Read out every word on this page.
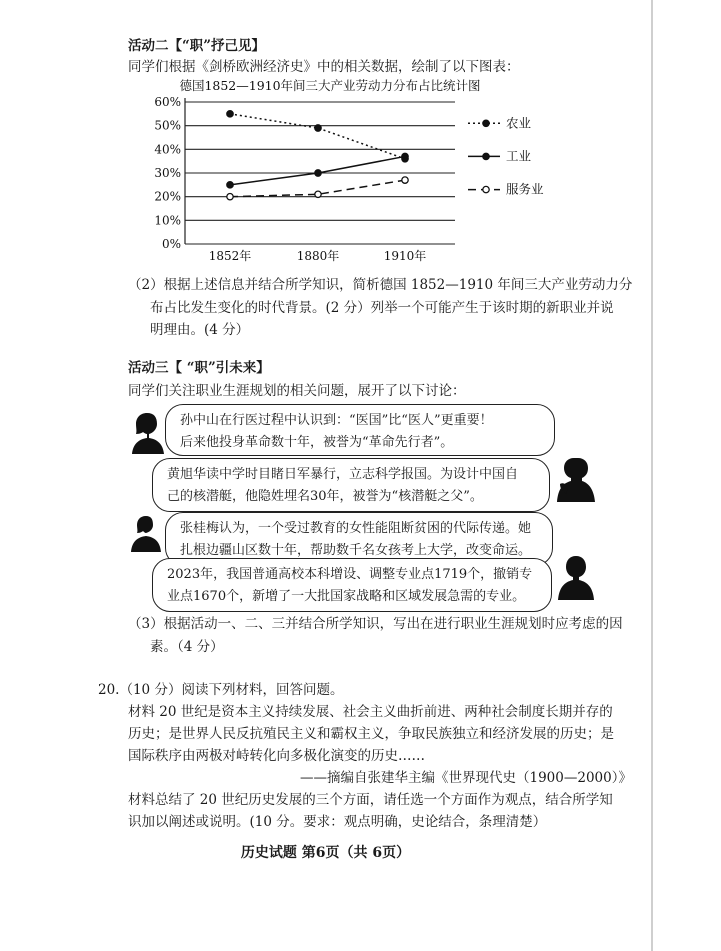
活动二【“职”抒己见】
同学们根据《剑桥欧洲经济史》中的相关数据，绘制了以下图表：
德国1852—1910年间三大产业劳动力分布占比统计图
0%
10%
20%
30%
40%
50%
60%
1852年	1880年	1910年
农业
工业
服务业
（2）根据上述信息并结合所学知识，简析德国 1852—1910 年间三大产业劳动力分
布占比发生变化的时代背景。(2 分）列举一个可能产生于该时期的新职业并说
明理由。(4 分）
活动三【 “职”引未来】
同学们关注职业生涯规划的相关问题，展开了以下讨论：
孙中山在行医过程中认识到：“医国”比“医人”更重要！
后来他投身革命数十年，被誉为“革命先行者”。
黄旭华读中学时目睹日军暴行，立志科学报国。为设计中国自
己的核潜艇，他隐姓埋名30年，被誉为“核潜艇之父”。
张桂梅认为，一个受过教育的女性能阻断贫困的代际传递。她
扎根边疆山区数十年，帮助数千名女孩考上大学，改变命运。
2023年，我国普通高校本科增设、调整专业点1719个，撤销专
业点1670个，新增了一大批国家战略和区域发展急需的专业。
（3）根据活动一、二、三并结合所学知识，写出在进行职业生涯规划时应考虑的因
素。（4 分）
20.（10 分）阅读下列材料，回答问题。
材料 20 世纪是资本主义持续发展、社会主义曲折前进、两种社会制度长期并存的
历史；是世界人民反抗殖民主义和霸权主义，争取民族独立和经济发展的历史；是
国际秩序由两极对峙转化向多极化演变的历史……
——摘编自张建华主编《世界现代史（1900—2000）》
材料总结了 20 世纪历史发展的三个方面，请任选一个方面作为观点，结合所学知
识加以阐述或说明。(10 分。要求：观点明确，史论结合，条理清楚）
历史试题 第6页（共 6页）
